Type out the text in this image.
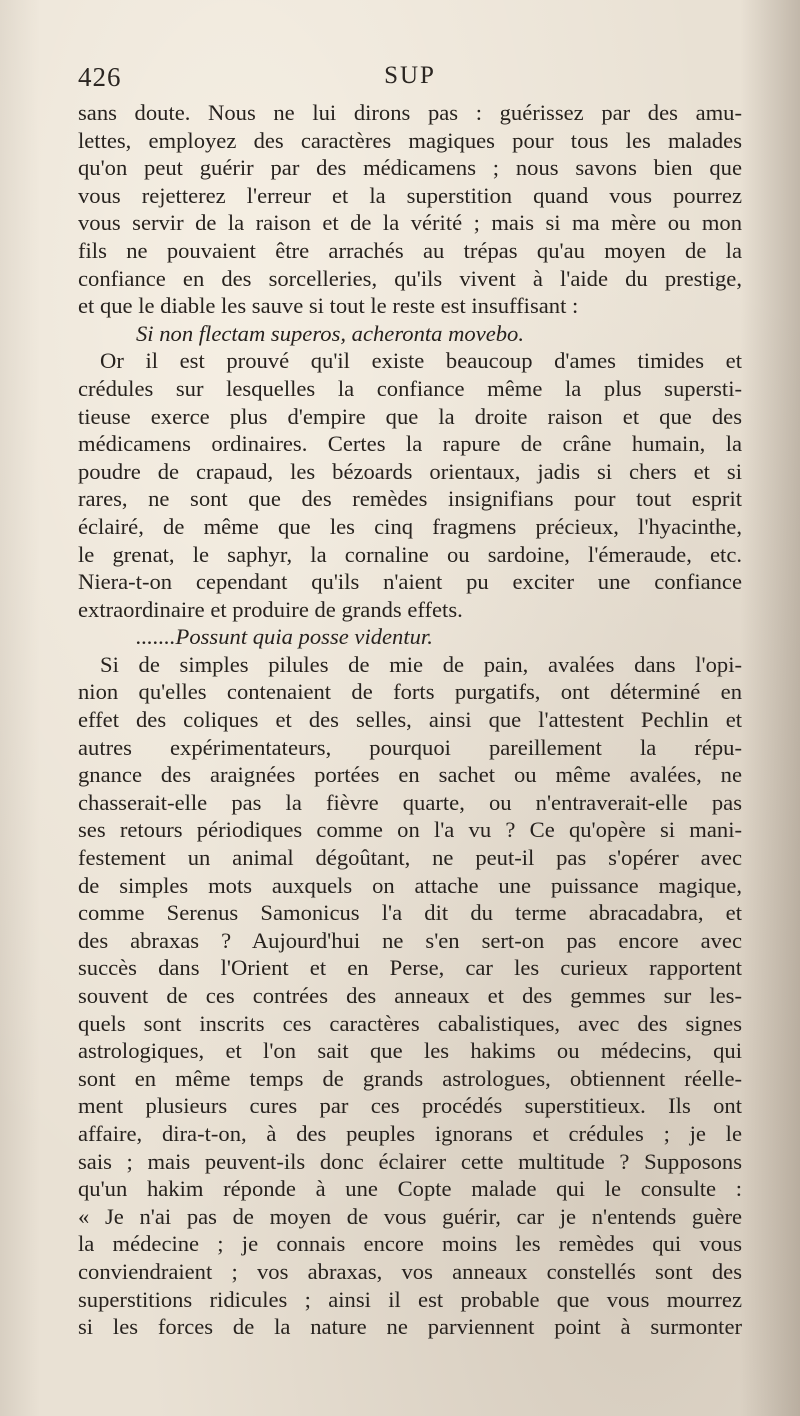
426	SUP
sans doute. Nous ne lui dirons pas : guérissez par des amu-
lettes, employez des caractères magiques pour tous les malades
qu'on peut guérir par des médicamens ; nous savons bien que
vous rejetterez l'erreur et la superstition quand vous pourrez
vous servir de la raison et de la vérité ; mais si ma mère ou mon
fils ne pouvaient être arrachés au trépas qu'au moyen de la
confiance en des sorcelleries, qu'ils vivent à l'aide du prestige,
et que le diable les sauve si tout le reste est insuffisant :
Si non flectam superos, acheronta movebo.
Or il est prouvé qu'il existe beaucoup d'ames timides et
crédules sur lesquelles la confiance même la plus supersti-
tieuse exerce plus d'empire que la droite raison et que des
médicamens ordinaires. Certes la rapure de crâne humain, la
poudre de crapaud, les bézoards orientaux, jadis si chers et si
rares, ne sont que des remèdes insignifians pour tout esprit
éclairé, de même que les cinq fragmens précieux, l'hyacinthe,
le grenat, le saphyr, la cornaline ou sardoine, l'émeraude, etc.
Niera-t-on cependant qu'ils n'aient pu exciter une confiance
extraordinaire et produire de grands effets.
.......Possunt quia posse videntur.
Si de simples pilules de mie de pain, avalées dans l'opi-
nion qu'elles contenaient de forts purgatifs, ont déterminé en
effet des coliques et des selles, ainsi que l'attestent Pechlin et
autres expérimentateurs, pourquoi pareillement la répu-
gnance des araignées portées en sachet ou même avalées, ne
chasserait-elle pas la fièvre quarte, ou n'entraverait-elle pas
ses retours périodiques comme on l'a vu ? Ce qu'opère si mani-
festement un animal dégoûtant, ne peut-il pas s'opérer avec
de simples mots auxquels on attache une puissance magique,
comme Serenus Samonicus l'a dit du terme abracadabra, et
des abraxas ? Aujourd'hui ne s'en sert-on pas encore avec
succès dans l'Orient et en Perse, car les curieux rapportent
souvent de ces contrées des anneaux et des gemmes sur les-
quels sont inscrits ces caractères cabalistiques, avec des signes
astrologiques, et l'on sait que les hakims ou médecins, qui
sont en même temps de grands astrologues, obtiennent réelle-
ment plusieurs cures par ces procédés superstitieux. Ils ont
affaire, dira-t-on, à des peuples ignorans et crédules ; je le
sais ; mais peuvent-ils donc éclairer cette multitude ? Supposons
qu'un hakim réponde à une Copte malade qui le consulte :
« Je n'ai pas de moyen de vous guérir, car je n'entends guère
la médecine ; je connais encore moins les remèdes qui vous
conviendraient ; vos abraxas, vos anneaux constellés sont des
superstitions ridicules ; ainsi il est probable que vous mourrez
si les forces de la nature ne parviennent point à surmonter
